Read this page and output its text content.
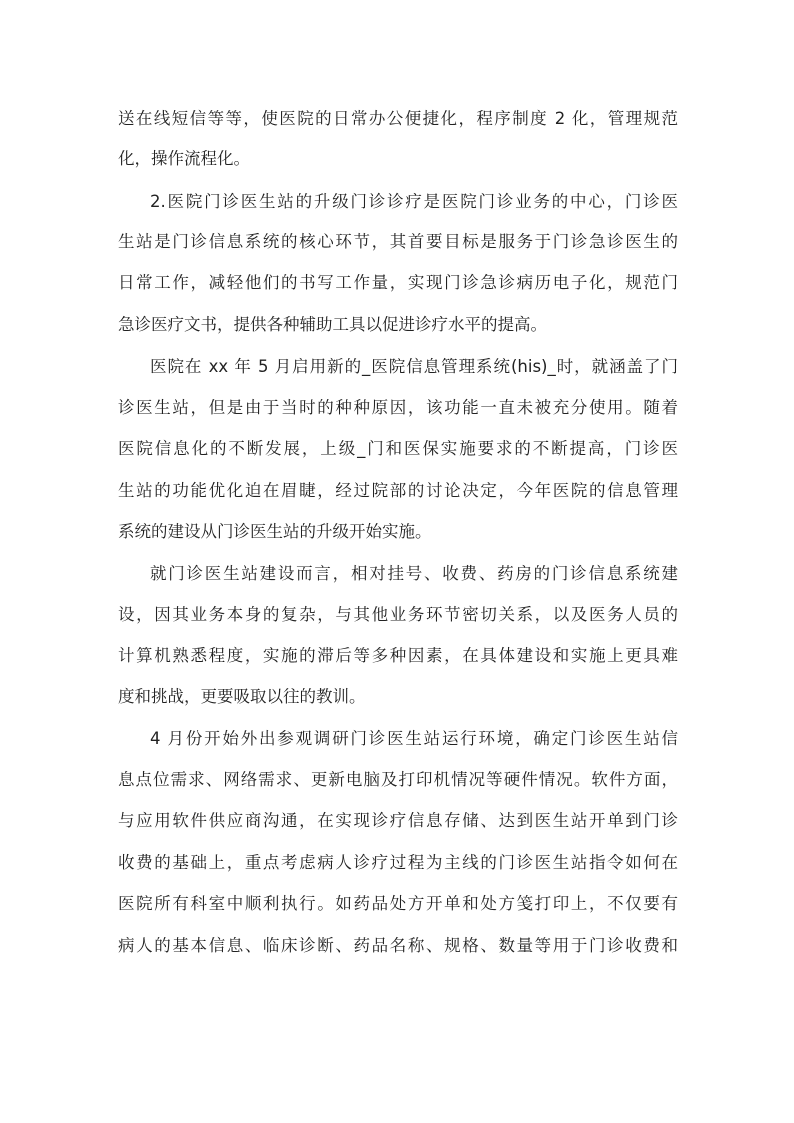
送在线短信等等，使医院的日常办公便捷化，程序制度 2 化，管理规范
化，操作流程化。
2.医院门诊医生站的升级门诊诊疗是医院门诊业务的中心，门诊医
生站是门诊信息系统的核心环节，其首要目标是服务于门诊急诊医生的
日常工作，减轻他们的书写工作量，实现门诊急诊病历电子化，规范门
急诊医疗文书，提供各种辅助工具以促进诊疗水平的提高。
医院在 xx 年 5 月启用新的_医院信息管理系统(his)_时，就涵盖了门
诊医生站，但是由于当时的种种原因，该功能一直未被充分使用。随着
医院信息化的不断发展，上级_门和医保实施要求的不断提高，门诊医
生站的功能优化迫在眉睫，经过院部的讨论决定，今年医院的信息管理
系统的建设从门诊医生站的升级开始实施。
就门诊医生站建设而言，相对挂号、收费、药房的门诊信息系统建
设，因其业务本身的复杂，与其他业务环节密切关系，以及医务人员的
计算机熟悉程度，实施的滞后等多种因素，在具体建设和实施上更具难
度和挑战，更要吸取以往的教训。
4 月份开始外出参观调研门诊医生站运行环境，确定门诊医生站信
息点位需求、网络需求、更新电脑及打印机情况等硬件情况。软件方面，
与应用软件供应商沟通，在实现诊疗信息存储、达到医生站开单到门诊
收费的基础上，重点考虑病人诊疗过程为主线的门诊医生站指令如何在
医院所有科室中顺利执行。如药品处方开单和处方笺打印上，不仅要有
病人的基本信息、临床诊断、药品名称、规格、数量等用于门诊收费和
